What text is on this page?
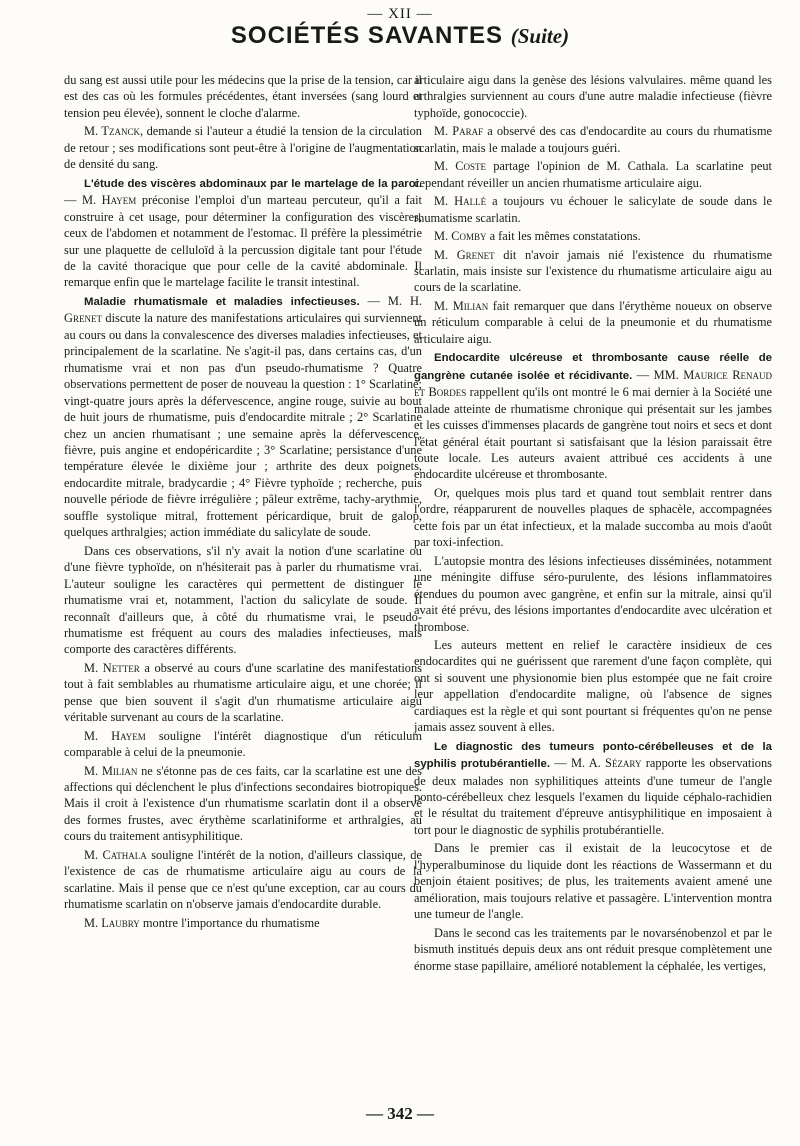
— XII —
SOCIÉTÉS SAVANTES (Suite)

du sang est aussi utile pour les médecins que la prise de la tension, car il est des cas où les formules précédentes, étant inversées (sang lourd et tension peu élevée), sonnent le cloche d'alarme.

M. Tzanck, demande si l'auteur a étudié la tension de la circulation de retour ; ses modifications sont peut-être à l'origine de l'augmentation de densité du sang.

L'étude des viscères abdominaux par le martelage de la paroi. — M. Hayem préconise l'emploi d'un marteau percuteur, qu'il a fait construire à cet usage, pour déterminer la configuration des viscères, ceux de l'abdomen et notamment de l'estomac. Il préfère la plessimétrie sur une plaquette de celluloïd à la percussion digitale tant pour l'étude de la cavité thoracique que pour celle de la cavité abdominale. Il remarque enfin que le martelage facilite le transit intestinal.

Maladie rhumatismale et maladies infectieuses. — M. H. Grenet discute la nature des manifestations articulaires qui surviennent au cours ou dans la convalescence des diverses maladies infectieuses, et principalement de la scarlatine. Ne s'agit-il pas, dans certains cas, d'un rhumatisme vrai et non pas d'un pseudo-rhumatisme ? Quatre observations permettent de poser de nouveau la question : 1° Scarlatine; vingt-quatre jours après la défervescence, angine rouge, suivie au bout de huit jours de rhumatisme, puis d'endocardite mitrale ; 2° Scarlatine chez un ancien rhumatisant ; une semaine après la défervescence, fièvre, puis angine et endopéricardite ; 3° Scarlatine; persistance d'une température élevée le dixième jour ; arthrite des deux poignets, endocardite mitrale, bradycardie ; 4° Fièvre typhoïde ; recherche, puis nouvelle période de fièvre irrégulière ; pâleur extrême, tachy-arythmie, souffle systolique mitral, frottement péricardique, bruit de galop, quelques arthralgies; action immédiate du salicylate de soude.

Dans ces observations, s'il n'y avait la notion d'une scarlatine ou d'une fièvre typhoïde, on n'hésiterait pas à parler du rhumatisme vrai. L'auteur souligne les caractères qui permettent de distinguer le rhumatisme vrai et, notamment, l'action du salicylate de soude. Il reconnaît d'ailleurs que, à côté du rhumatisme vrai, le pseudo-rhumatisme est fréquent au cours des maladies infectieuses, mais comporte des caractères différents.

M. Netter a observé au cours d'une scarlatine des manifestations tout à fait semblables au rhumatisme articulaire aigu, et une chorée; il pense que bien souvent il s'agit d'un rhumatisme articulaire aigu véritable survenant au cours de la scarlatine.

M. Hayem souligne l'intérêt diagnostique d'un réticulum comparable à celui de la pneumonie.

M. Milian ne s'étonne pas de ces faits, car la scarlatine est une des affections qui déclenchent le plus d'infections secondaires biotropiques. Mais il croit à l'existence d'un rhumatisme scarlatin dont il a observé des formes frustes, avec érythème scarlatiniforme et arthralgies, au cours du traitement antisyphilitique.

M. Cathala souligne l'intérêt de la notion, d'ailleurs classique, de l'existence de cas de rhumatisme articulaire aigu au cours de la scarlatine. Mais il pense que ce n'est qu'une exception, car au cours du rhumatisme scarlatin on n'observe jamais d'endocardite durable.

M. Laubry montre l'importance du rhumatisme

articulaire aigu dans la genèse des lésions valvulaires. même quand les arthralgies surviennent au cours d'une autre maladie infectieuse (fièvre typhoïde, gonococcie).

M. Paraf a observé des cas d'endocardite au cours du rhumatisme scarlatin, mais le malade a toujours guéri.

M. Coste partage l'opinion de M. Cathala. La scarlatine peut cependant réveiller un ancien rhumatisme articulaire aigu.

M. Hallé a toujours vu échouer le salicylate de soude dans le rhumatisme scarlatin.

M. Comby a fait les mêmes constatations.

M. Grenet dit n'avoir jamais nié l'existence du rhumatisme scarlatin, mais insiste sur l'existence du rhumatisme articulaire aigu au cours de la scarlatine.

M. Milian fait remarquer que dans l'érythème noueux on observe un réticulum comparable à celui de la pneumonie et du rhumatisme articulaire aigu.

Endocardite ulcéreuse et thrombosante cause réelle de gangrène cutanée isolée et récidivante. — MM. Maurice Renaud et Bordes rappellent qu'ils ont montré le 6 mai dernier à la Société une malade atteinte de rhumatisme chronique qui présentait sur les jambes et les cuisses d'immenses placards de gangrène tout noirs et secs et dont l'état général était pourtant si satisfaisant que la lésion paraissait être toute locale. Les auteurs avaient attribué ces accidents à une endocardite ulcéreuse et thrombosante.

Or, quelques mois plus tard et quand tout semblait rentrer dans l'ordre, réapparurent de nouvelles plaques de sphacèle, accompagnées cette fois par un état infectieux, et la malade succomba au mois d'août par toxi-infection.

L'autopsie montra des lésions infectieuses disséminées, notamment une méningite diffuse séro-purulente, des lésions inflammatoires étendues du poumon avec gangrène, et enfin sur la mitrale, ainsi qu'il avait été prévu, des lésions importantes d'endocardite avec ulcération et thrombose.

Les auteurs mettent en relief le caractère insidieux de ces endocardites qui ne guérissent que rarement d'une façon complète, qui ont si souvent une physionomie bien plus estompée que ne fait croire leur appellation d'endocardite maligne, où l'absence de signes cardiaques est la règle et qui sont pourtant si fréquentes qu'on ne pense jamais assez souvent à elles.

Le diagnostic des tumeurs ponto-cérébelleuses et de la syphilis protubérantielle. — M. A. Sézary rapporte les observations de deux malades non syphilitiques atteints d'une tumeur de l'angle ponto-cérébelleux chez lesquels l'examen du liquide céphalo-rachidien et le résultat du traitement d'épreuve antisyphilitique en imposaient à tort pour le diagnostic de syphilis protubérantielle.

Dans le premier cas il existait de la leucocytose et de l'hyperalbuminose du liquide dont les réactions de Wassermann et du benjoin étaient positives; de plus, les traitements avaient amené une amélioration, mais toujours relative et passagère. L'intervention montra une tumeur de l'angle.

Dans le second cas les traitements par le novarsénobenzol et par le bismuth institués depuis deux ans ont réduit presque complètement une énorme stase papillaire, amélioré notablement la céphalée, les vertiges,

— 342 —
